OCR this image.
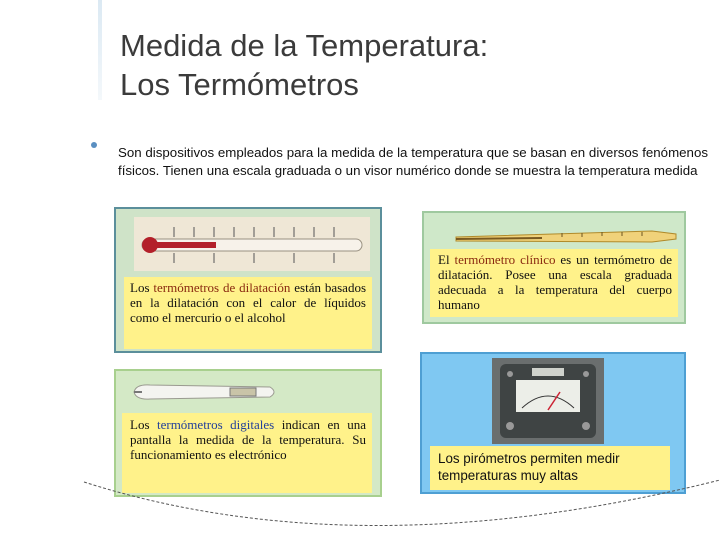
Medida de la Temperatura:
Los Termómetros
Son dispositivos empleados para la medida de la temperatura que se basan en diversos fenómenos físicos. Tienen una escala graduada o un visor numérico donde se muestra la temperatura medida
Los termómetros de dilatación están basados en la dilatación con el calor de líquidos como el mercurio o el alcohol
El termómetro clínico es un termómetro de dilatación. Posee una escala graduada adecuada a la temperatura del cuerpo humano
Los termómetros digitales indican en una pantalla la medida de la temperatura. Su funcionamiento es electrónico	Los pirómetros permiten medir temperaturas muy altas
